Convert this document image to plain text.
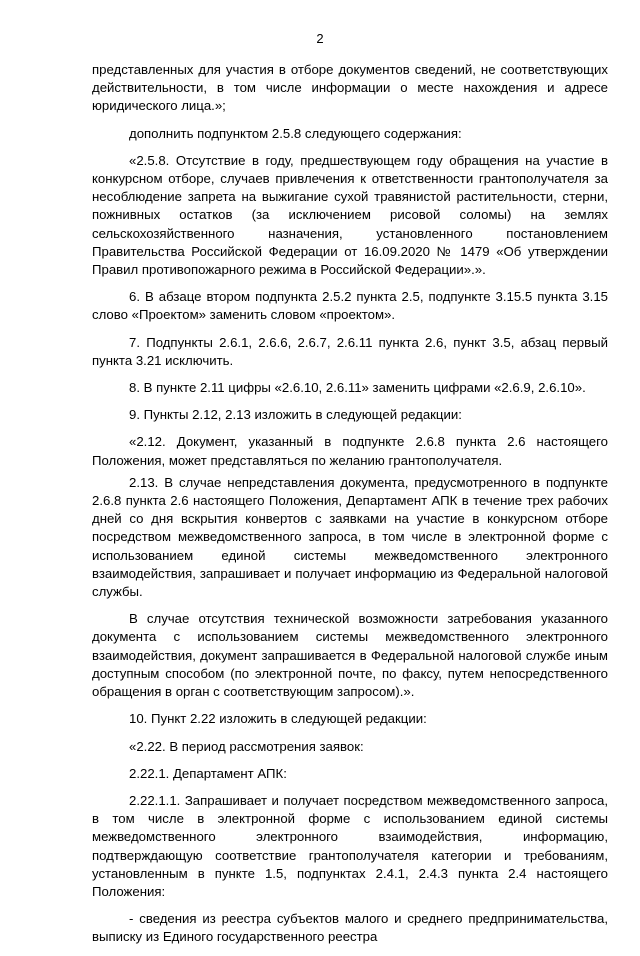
2

представленных для участия в отборе документов сведений, не соответствующих действительности, в том числе информации о месте нахождения и адресе юридического лица.»;

дополнить подпунктом 2.5.8 следующего содержания:

«2.5.8. Отсутствие в году, предшествующем году обращения на участие в конкурсном отборе, случаев привлечения к ответственности грантополучателя за несоблюдение запрета на выжигание сухой травянистой растительности, стерни, пожнивных остатков (за исключением рисовой соломы) на землях сельскохозяйственного назначения, установленного постановлением Правительства Российской Федерации от 16.09.2020 № 1479 «Об утверждении Правил противопожарного режима в Российской Федерации».».

6. В абзаце втором подпункта 2.5.2 пункта 2.5, подпункте 3.15.5 пункта 3.15 слово «Проектом» заменить словом «проектом».

7. Подпункты 2.6.1, 2.6.6, 2.6.7, 2.6.11 пункта 2.6, пункт 3.5, абзац первый пункта 3.21 исключить.

8. В пункте 2.11 цифры «2.6.10, 2.6.11» заменить цифрами «2.6.9, 2.6.10».

9. Пункты 2.12, 2.13 изложить в следующей редакции:

«2.12. Документ, указанный в подпункте 2.6.8 пункта 2.6 настоящего Положения, может представляться по желанию грантополучателя.

2.13. В случае непредставления документа, предусмотренного в подпункте 2.6.8 пункта 2.6 настоящего Положения, Департамент АПК в течение трех рабочих дней со дня вскрытия конвертов с заявками на участие в конкурсном отборе посредством межведомственного запроса, в том числе в электронной форме с использованием единой системы межведомственного электронного взаимодействия, запрашивает и получает информацию из Федеральной налоговой службы.

В случае отсутствия технической возможности затребования указанного документа с использованием системы межведомственного электронного взаимодействия, документ запрашивается в Федеральной налоговой службе иным доступным способом (по электронной почте, по факсу, путем непосредственного обращения в орган с соответствующим запросом).».

10. Пункт 2.22 изложить в следующей редакции:

«2.22. В период рассмотрения заявок:

2.22.1. Департамент АПК:

2.22.1.1. Запрашивает и получает посредством межведомственного запроса, в том числе в электронной форме с использованием единой системы межведомственного электронного взаимодействия, информацию, подтверждающую соответствие грантополучателя категории и требованиям, установленным в пункте 1.5, подпунктах 2.4.1, 2.4.3 пункта 2.4 настоящего Положения:

- сведения из реестра субъектов малого и среднего предпринимательства, выписку из Единого государственного реестра
